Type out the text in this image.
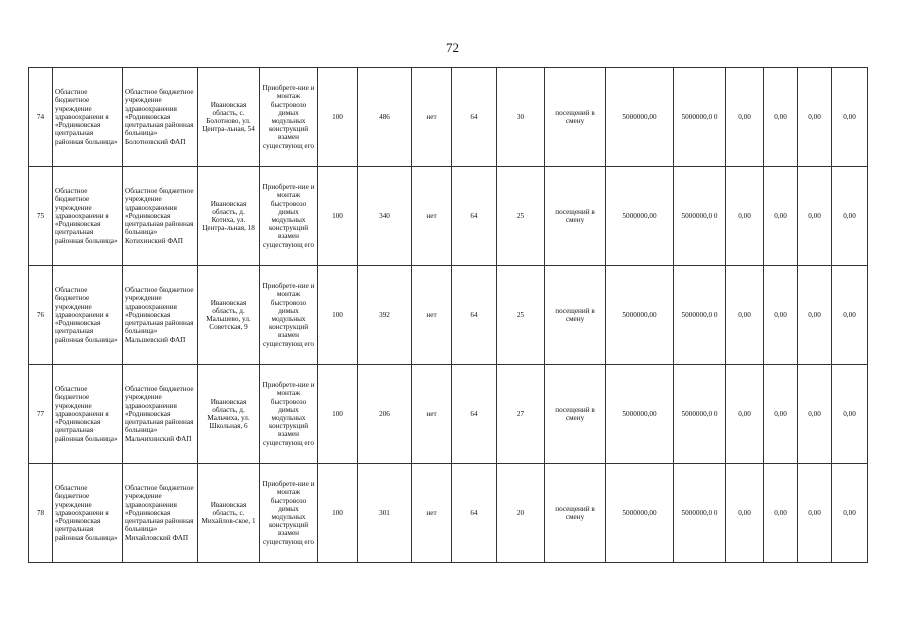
72
74	Областное бюджетное учреждение здравоохранени я «Родниковская центральная районная больница»	Областное бюджетное учреждение здравоохранения «Родниковская центральная районная больница» Болотновский ФАП	Ивановская область, с. Болотново, ул. Центра-льная, 54	Приобрете-ние и монтаж быстровозо димых модульных конструкций взамен существующ его	100	486	нет	64	30	посещений в смену	5000000,00	5000000,0 0	0,00	0,00	0,00	0,00
75	Областное бюджетное учреждение здравоохранени я «Родниковская центральная районная больница»	Областное бюджетное учреждение здравоохранения «Родниковская центральная районная больница» Котихинский ФАП	Ивановская область, д. Котиха, ул. Центра-льная, 18	Приобрете-ние и монтаж быстровозо димых модульных конструкций взамен существующ его	100	340	нет	64	25	посещений в смену	5000000,00	5000000,0 0	0,00	0,00	0,00	0,00
76	Областное бюджетное учреждение здравоохранени я «Родниковская центральная районная больница»	Областное бюджетное учреждение здравоохранения «Родниковская центральная районная больница» Мальшевский ФАП	Ивановская область, д. Мальшево, ул. Советская, 9	Приобрете-ние и монтаж быстровозо димых модульных конструкций взамен существующ его	100	392	нет	64	25	посещений в смену	5000000,00	5000000,0 0	0,00	0,00	0,00	0,00
77	Областное бюджетное учреждение здравоохранени я «Родниковская центральная районная больница»	Областное бюджетное учреждение здравоохранения «Родниковская центральная районная больница» Мальчихинский ФАП	Ивановская область, д. Мальчиха, ул. Школьная, 6	Приобрете-ние и монтаж быстровозо димых модульных конструкций взамен существующ его	100	206	нет	64	27	посещений в смену	5000000,00	5000000,0 0	0,00	0,00	0,00	0,00
78	Областное бюджетное учреждение здравоохранени я «Родниковская центральная районная больница»	Областное бюджетное учреждение здравоохранения «Родниковская центральная районная больница» Михайловский ФАП	Ивановская область, с. Михайлов-ское, 1	Приобрете-ние и монтаж быстровозо димых модульных конструкций взамен существующ его	100	301	нет	64	20	посещений в смену	5000000,00	5000000,0 0	0,00	0,00	0,00	0,00
